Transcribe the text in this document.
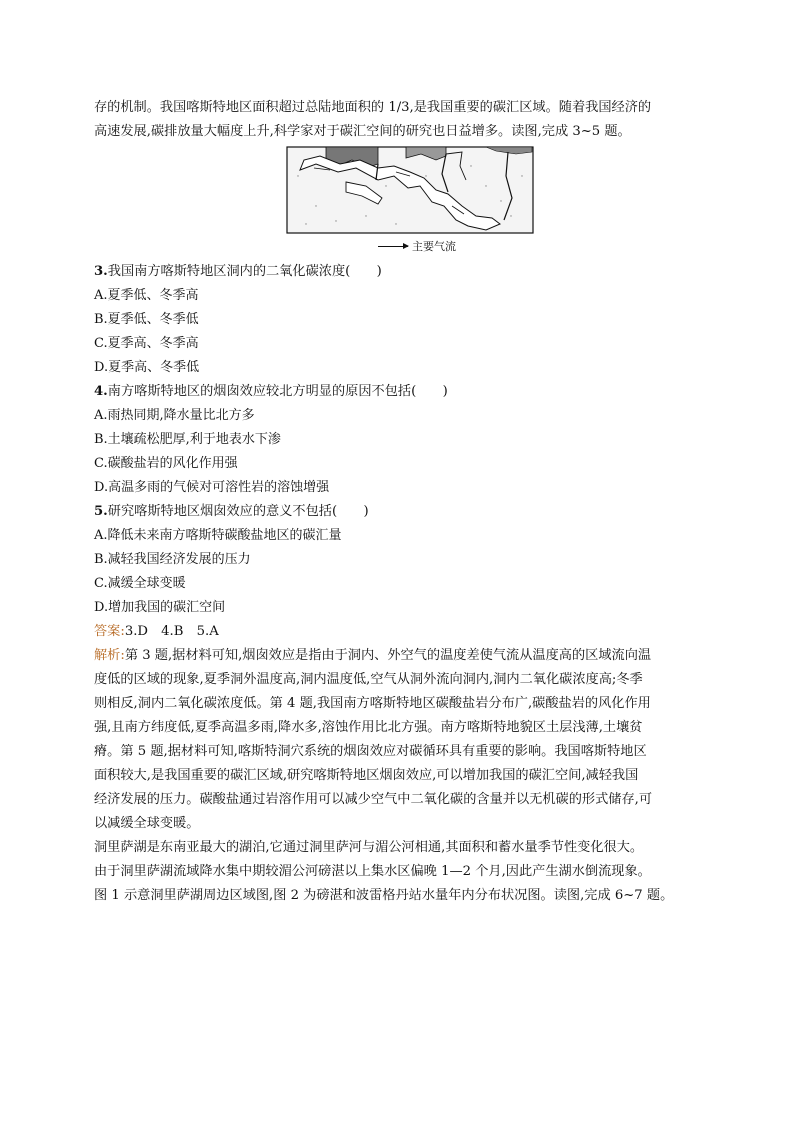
存的机制。我国喀斯特地区面积超过总陆地面积的 1/3,是我国重要的碳汇区域。随着我国经济的
高速发展,碳排放量大幅度上升,科学家对于碳汇空间的研究也日益增多。读图,完成 3~5 题。
主要气流
3.我国南方喀斯特地区洞内的二氧化碳浓度(　　)
A.夏季低、冬季高
B.夏季低、冬季低
C.夏季高、冬季高
D.夏季高、冬季低
4.南方喀斯特地区的烟囱效应较北方明显的原因不包括(　　)
A.雨热同期,降水量比北方多
B.土壤疏松肥厚,利于地表水下渗
C.碳酸盐岩的风化作用强
D.高温多雨的气候对可溶性岩的溶蚀增强
5.研究喀斯特地区烟囱效应的意义不包括(　　)
A.降低未来南方喀斯特碳酸盐地区的碳汇量
B.减轻我国经济发展的压力
C.减缓全球变暖
D.增加我国的碳汇空间
答案:3.D　4.B　5.A
解析:第 3 题,据材料可知,烟囱效应是指由于洞内、外空气的温度差使气流从温度高的区域流向温
度低的区域的现象,夏季洞外温度高,洞内温度低,空气从洞外流向洞内,洞内二氧化碳浓度高;冬季
则相反,洞内二氧化碳浓度低。第 4 题,我国南方喀斯特地区碳酸盐岩分布广,碳酸盐岩的风化作用
强,且南方纬度低,夏季高温多雨,降水多,溶蚀作用比北方强。南方喀斯特地貌区土层浅薄,土壤贫
瘠。第 5 题,据材料可知,喀斯特洞穴系统的烟囱效应对碳循环具有重要的影响。我国喀斯特地区
面积较大,是我国重要的碳汇区域,研究喀斯特地区烟囱效应,可以增加我国的碳汇空间,减轻我国
经济发展的压力。碳酸盐通过岩溶作用可以减少空气中二氧化碳的含量并以无机碳的形式储存,可
以减缓全球变暖。
洞里萨湖是东南亚最大的湖泊,它通过洞里萨河与湄公河相通,其面积和蓄水量季节性变化很大。
由于洞里萨湖流域降水集中期较湄公河磅湛以上集水区偏晚 1—2 个月,因此产生湖水倒流现象。
图 1 示意洞里萨湖周边区域图,图 2 为磅湛和波雷格丹站水量年内分布状况图。读图,完成 6~7 题。
